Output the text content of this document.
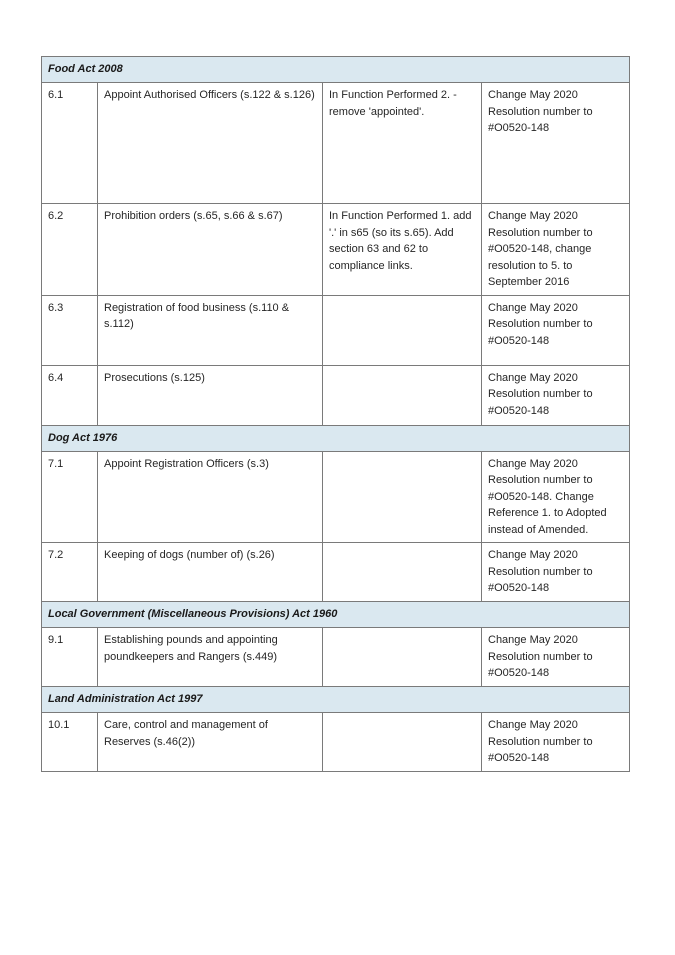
Food Act 2008			
6.1	Appoint Authorised Officers (s.122 & s.126)	In Function Performed 2. - remove 'appointed'.	Change May 2020 Resolution number to #O0520-148
6.2	Prohibition orders (s.65, s.66 & s.67)	In Function Performed 1. add '.' in s65 (so its s.65). Add section 63 and 62 to compliance links.	Change May 2020 Resolution number to #O0520-148, change resolution to 5. to September 2016
6.3	Registration of food business (s.110 & s.112)		Change May 2020 Resolution number to #O0520-148
6.4	Prosecutions (s.125)		Change May 2020 Resolution number to #O0520-148
Dog Act 1976			
7.1	Appoint Registration Officers (s.3)		Change May 2020 Resolution number to #O0520-148. Change Reference 1. to Adopted instead of Amended.
7.2	Keeping of dogs (number of) (s.26)		Change May 2020 Resolution number to #O0520-148
Local Government (Miscellaneous Provisions) Act 1960			
9.1	Establishing pounds and appointing poundkeepers and Rangers (s.449)		Change May 2020 Resolution number to #O0520-148
Land Administration Act 1997			
10.1	Care, control and management of Reserves (s.46(2))		Change May 2020 Resolution number to #O0520-148
